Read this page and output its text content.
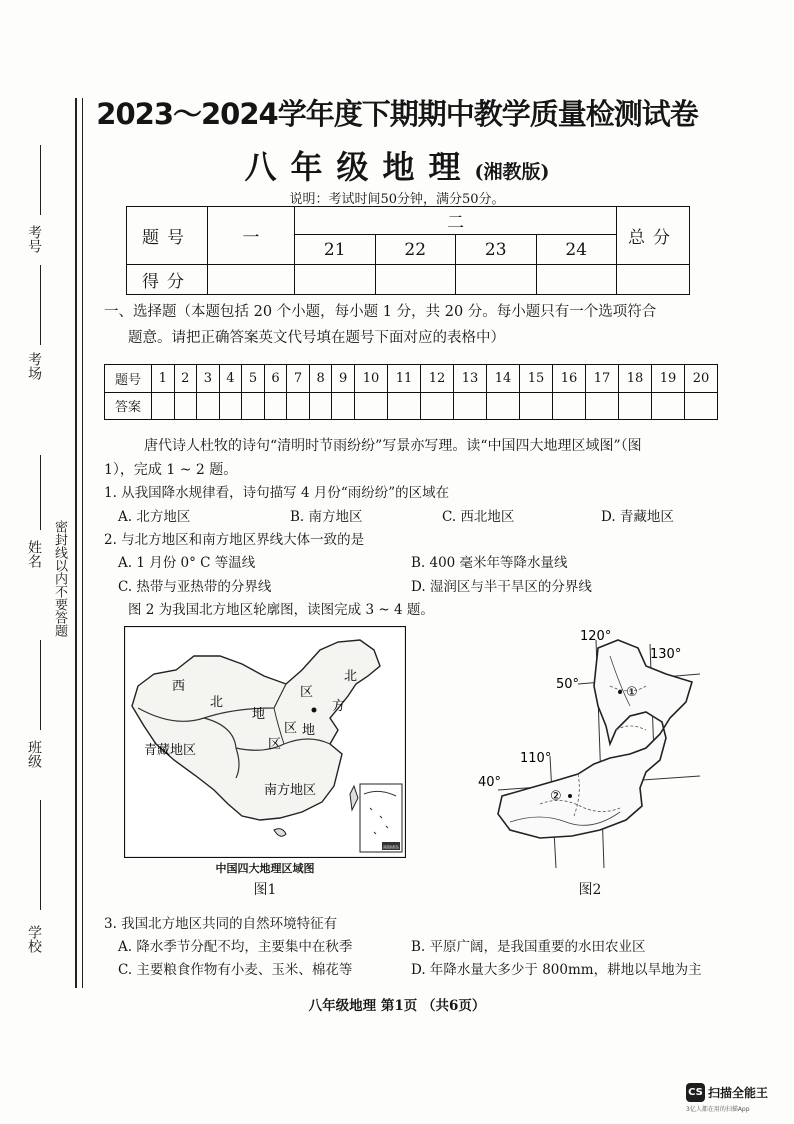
考号
考场
姓名 密封线以内不要答题
班级
学校
2023～2024学年度下期期中教学质量检测试卷
八年级地理(湘教版)
说明：考试时间50分钟，满分50分。
题号	一	二				总分
		21	22	23	24	
得分						
一、选择题（本题包括 20 个小题，每小题 1 分，共 20 分。每小题只有一个选项符合
题意。请把正确答案英文代号填在题号下面对应的表格中）
题号	1	2	3	4	5	6	7	8	9	10	11	12	13	14	15	16	17	18	19	20
答案																				
唐代诗人杜牧的诗句“清明时节雨纷纷”写景亦写理。读“中国四大地理区域图”（图
1），完成 1 ~ 2 题。
1. 从我国降水规律看，诗句描写 4 月份“雨纷纷”的区域在
A. 北方地区	B. 南方地区	C. 西北地区	D. 青藏地区
2. 与北方地区和南方地区界线大体一致的是
A. 1 月份 0° C 等温线	B. 400 毫米年等降水量线
C. 热带与亚热带的分界线	D. 湿润区与半干旱区的分界线
图 2 为我国北方地区轮廓图，读图完成 3 ~ 4 题。
南海诸岛
西
北
地
区
北
方
区
地
区
青藏地区
南方地区
中国四大地理区域图
图1
120°
130°
50°
110°
40°
①
②
图2
3. 我国北方地区共同的自然环境特征有
A. 降水季节分配不均，主要集中在秋季	B. 平原广阔，是我国重要的水田农业区
C. 主要粮食作物有小麦、玉米、棉花等	D. 年降水量大多少于 800mm，耕地以旱地为主
八年级地理 第1页 （共6页）
CS 扫描全能王
3亿人都在用的扫描App
